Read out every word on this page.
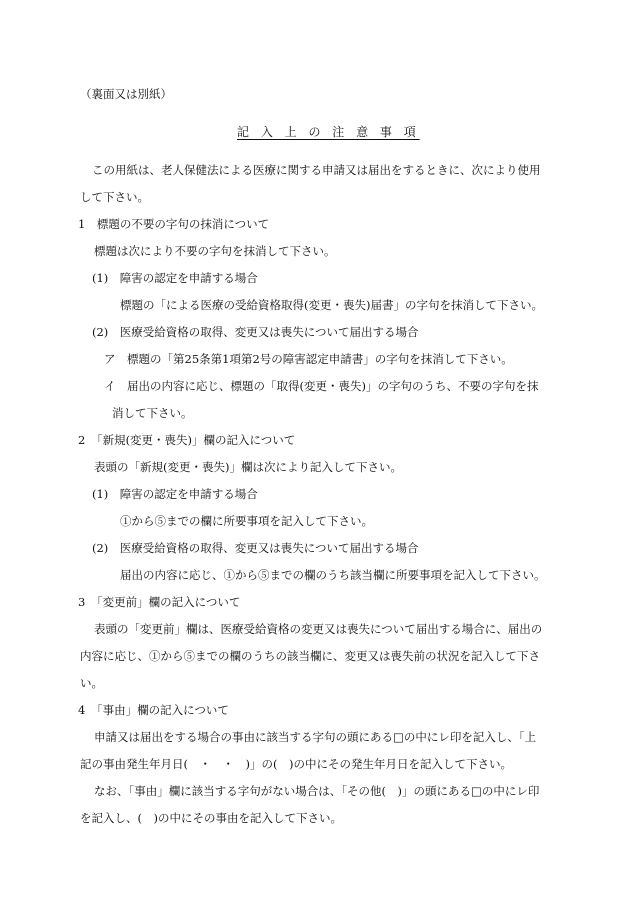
（裏面又は別紙）
記 入 上 の 注 意 事 項
この用紙は、老人保健法による医療に関する申請又は届出をするときに、次により使用
して下さい。
1　標題の不要の字句の抹消について
標題は次により不要の字句を抹消して下さい。
(1)　障害の認定を申請する場合
標題の「による医療の受給資格取得(変更・喪失)届書」の字句を抹消して下さい。
(2)　医療受給資格の取得、変更又は喪失について届出する場合
ア　標題の「第25条第1項第2号の障害認定申請書」の字句を抹消して下さい。
イ　届出の内容に応じ、標題の「取得(変更・喪失)」の字句のうち、不要の字句を抹
消して下さい。
2　「新規(変更・喪失)」欄の記入について
表頭の「新規(変更・喪失)」欄は次により記入して下さい。
(1)　障害の認定を申請する場合
①から⑤までの欄に所要事項を記入して下さい。
(2)　医療受給資格の取得、変更又は喪失について届出する場合
届出の内容に応じ、①から⑤までの欄のうち該当欄に所要事項を記入して下さい。
3　「変更前」欄の記入について
表頭の「変更前」欄は、医療受給資格の変更又は喪失について届出する場合に、届出の
内容に応じ、①から⑤までの欄のうちの該当欄に、変更又は喪失前の状況を記入して下さ
い。
4　「事由」欄の記入について
申請又は届出をする場合の事由に該当する字句の頭にある□の中にレ印を記入し、「上
記の事由発生年月日(　・　・　)」の(　)の中にその発生年月日を記入して下さい。
なお、「事由」欄に該当する字句がない場合は、「その他(　)」の頭にある□の中にレ印
を記入し、(　)の中にその事由を記入して下さい。
